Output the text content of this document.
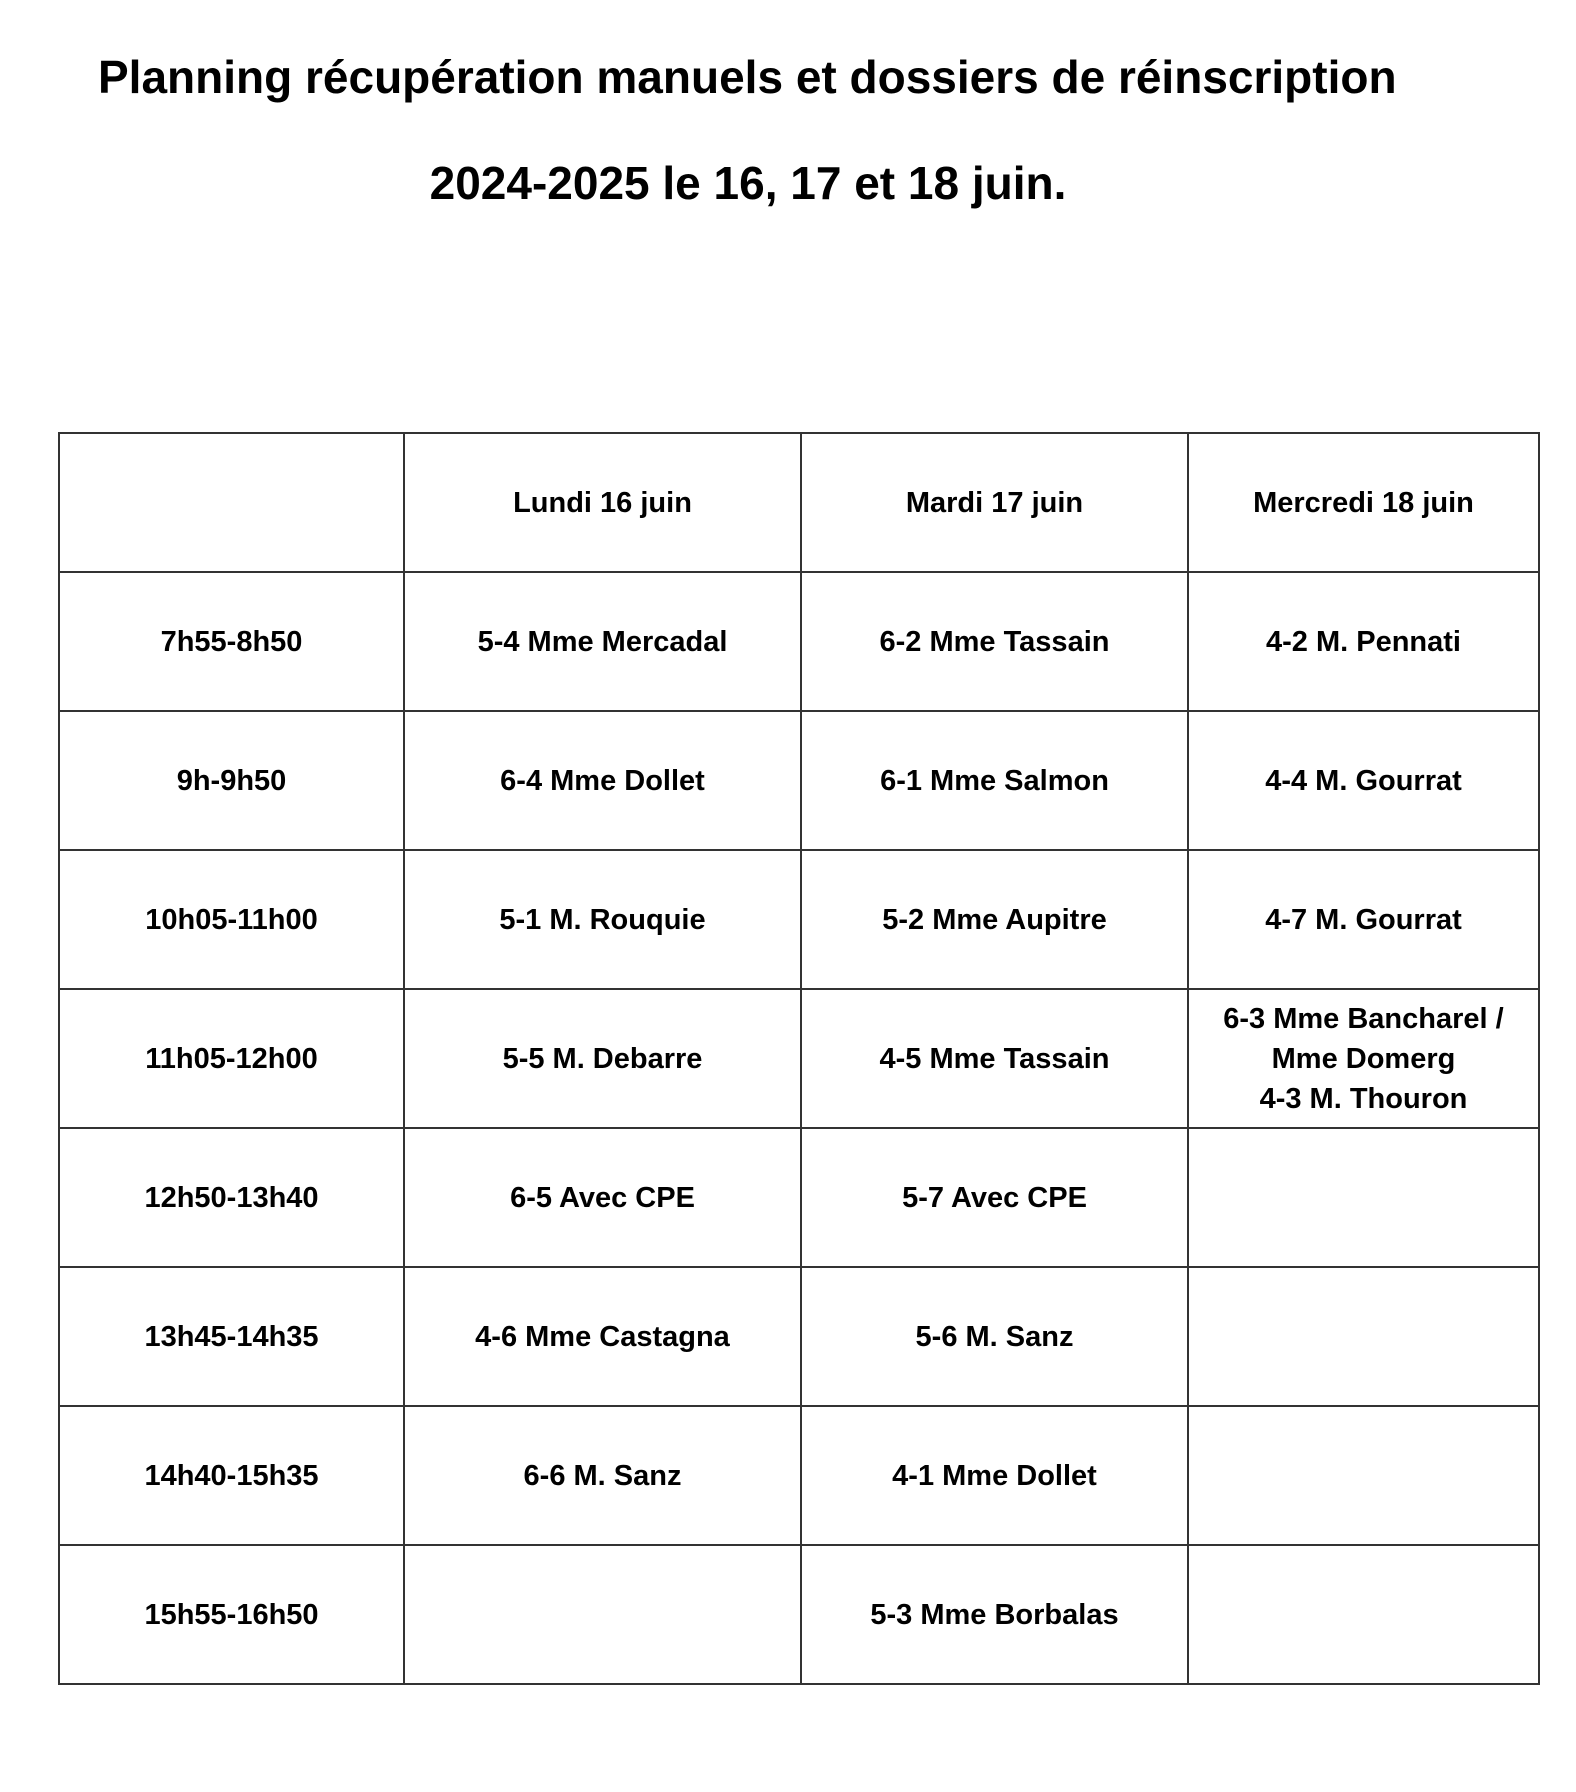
Planning récupération manuels et dossiers de réinscription
2024-2025 le 16, 17 et 18 juin.
	Lundi 16 juin	Mardi 17 juin	Mercredi 18 juin
7h55-8h50	5-4 Mme Mercadal	6-2 Mme Tassain	4-2 M. Pennati

9h-9h50	6-4 Mme Dollet	6-1 Mme Salmon	4-4 M. Gourrat

10h05-11h00	5-1 M. Rouquie	5-2 Mme Aupitre	4-7 M. Gourrat

11h05-12h00	5-5 M. Debarre	4-5 Mme Tassain	6-3 Mme Bancharel /
Mme Domerg
4-3 M. Thouron

12h50-13h40	6-5 Avec CPE	5-7 Avec CPE	
13h45-14h35	4-6 Mme Castagna	5-6 M. Sanz	
14h40-15h35	6-6 M. Sanz	4-1 Mme Dollet	
15h55-16h50		5-3 Mme Borbalas	
